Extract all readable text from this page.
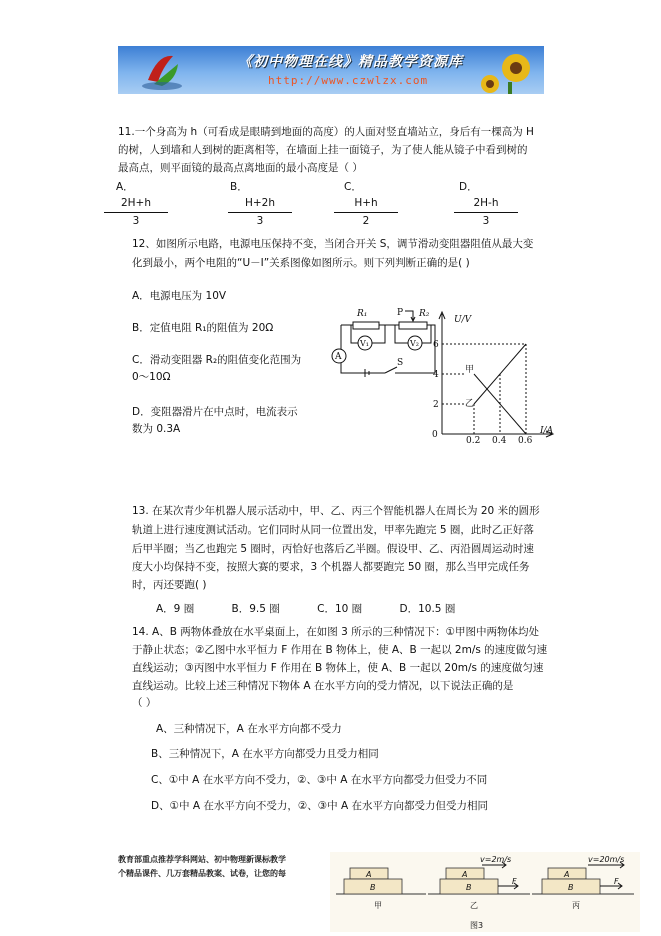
《初中物理在线》精品教学资源库
http://www.czwlzx.com
11.一个身高为 h（可看成是眼睛到地面的高度）的人面对竖直墙站立，身后有一棵高为 H
的树，人到墙和人到树的距离相等，在墙面上挂一面镜子，为了使人能从镜子中看到树的
最高点，则平面镜的最高点离地面的最小高度是（ ）
A．
$\frac{2H+h}{3}$
B．
$\frac{H+2h}{3}$
C．
$\frac{H+h}{2}$
D．
$\frac{2H-h}{3}$
12、如图所示电路，电源电压保持不变，当闭合开关 S，调节滑动变阻器阻值从最大变
化到最小，两个电阻的“U－I”关系图像如图所示。则下列判断正确的是( )
A．电源电压为 10V
B．定值电阻 R₁的阻值为 20Ω
C．滑动变阻器 R₂的阻值变化范围为
0～10Ω
D．变阻器滑片在中点时，电流表示
数为 0.3A
R₁	R₂
P
A
V₁	V₂
S
U/V
I/A
0
6
4
2
0.2 0.4 0.6
甲
乙
13. 在某次青少年机器人展示活动中，甲、乙、丙三个智能机器人在周长为 20 米的圆形
轨道上进行速度测试活动。它们同时从同一位置出发，甲率先跑完 5 圈，此时乙正好落
后甲半圈；当乙也跑完 5 圈时，丙恰好也落后乙半圈。假设甲、乙、丙沿圆周运动时速
度大小均保持不变，按照大赛的要求，3 个机器人都要跑完 50 圈，那么当甲完成任务
时，丙还要跑( )
A．9 圈	B．9.5 圈	C．10 圈	D．10.5 圈
14. A、B 两物体叠放在水平桌面上，在如图 3 所示的三种情况下：①甲图中两物体均处
于静止状态；②乙图中水平恒力 F 作用在 B 物体上，使 A、B 一起以 2m/s 的速度做匀速
直线运动；③丙图中水平恒力 F 作用在 B 物体上，使 A、B 一起以 20m/s 的速度做匀速
直线运动。比较上述三种情况下物体 A 在水平方向的受力情况，以下说法正确的是
（ ）
A、三种情况下，A 在水平方向都不受力
B、三种情况下，A 在水平方向都受力且受力相同
C、①中 A 在水平方向不受力，②、③中 A 在水平方向都受力但受力不同
D、①中 A 在水平方向不受力，②、③中 A 在水平方向都受力但受力相同
教育部重点推荐学科网站、初中物理新课标教学
个精品课件、几万套精品教案、试卷，让您的每	A
B
A
B
A
B
F	F
v=2m/s	v=20m/s
甲	乙	丙
图3
